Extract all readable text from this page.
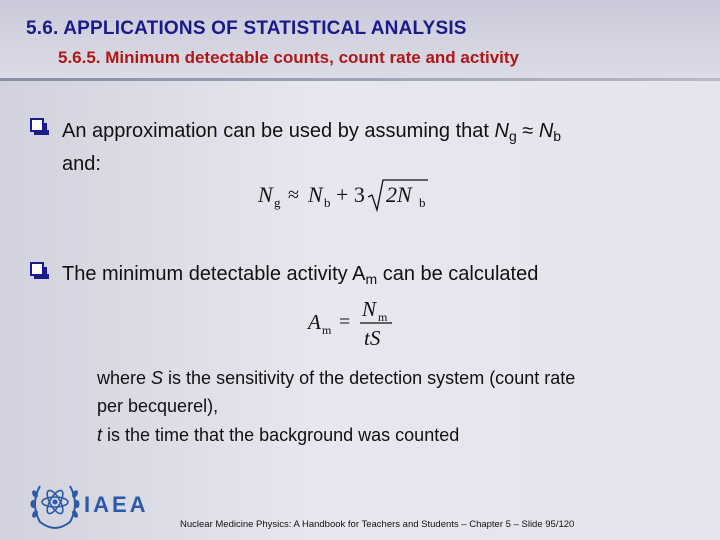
5.6. APPLICATIONS OF STATISTICAL ANALYSIS
5.6.5. Minimum detectable counts, count rate and activity
An approximation can be used by assuming that $N_g \approx N_b$
and:
N g ≈ N b + 3 2N b
The minimum detectable activity $A_m$ can be calculated
A m =
N m
tS
where S is the sensitivity of the detection system (count rate
per becquerel),
t is the time that the background was counted
IAEA
Nuclear Medicine Physics: A Handbook for Teachers and Students – Chapter 5 – Slide 95/120
